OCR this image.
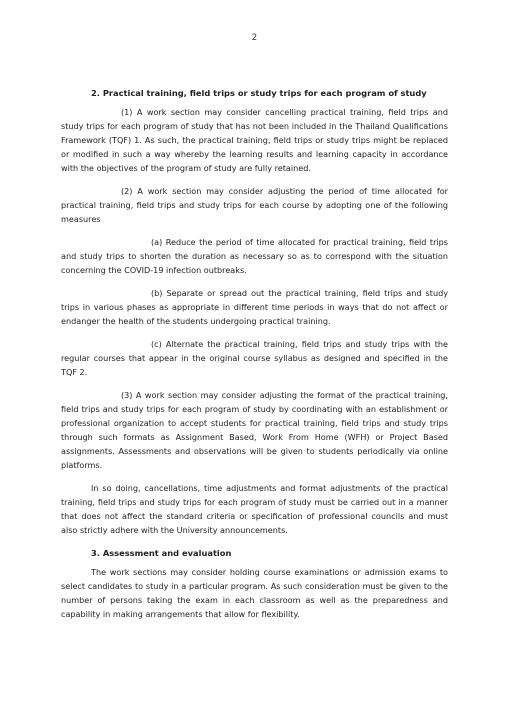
2
2. Practical training, field trips or study trips for each program of study

(1) A work section may consider cancelling practical training, field trips and study trips for each program of study that has not been included in the Thailand Qualifications Framework (TQF) 1. As such, the practical training, field trips or study trips might be replaced or modified in such a way whereby the learning results and learning capacity in accordance with the objectives of the program of study are fully retained.

(2) A work section may consider adjusting the period of time allocated for practical training, field trips and study trips for each course by adopting one of the following measures

(a) Reduce the period of time allocated for practical training, field trips and study trips to shorten the duration as necessary so as to correspond with the situation concerning the COVID-19 infection outbreaks.

(b) Separate or spread out the practical training, field trips and study trips in various phases as appropriate in different time periods in ways that do not affect or endanger the health of the students undergoing practical training.

(c) Alternate the practical training, field trips and study trips with the regular courses that appear in the original course syllabus as designed and specified in the TQF 2.

(3) A work section may consider adjusting the format of the practical training, field trips and study trips for each program of study by coordinating with an establishment or professional organization to accept students for practical training, field trips and study trips through such formats as Assignment Based, Work From Home (WFH) or Project Based assignments. Assessments and observations will be given to students periodically via online platforms.

In so doing, cancellations, time adjustments and format adjustments of the practical training, field trips and study trips for each program of study must be carried out in a manner that does not affect the standard criteria or specification of professional councils and must also strictly adhere with the University announcements.

3. Assessment and evaluation

The work sections may consider holding course examinations or admission exams to select candidates to study in a particular program. As such consideration must be given to the number of persons taking the exam in each classroom as well as the preparedness and capability in making arrangements that allow for flexibility.
